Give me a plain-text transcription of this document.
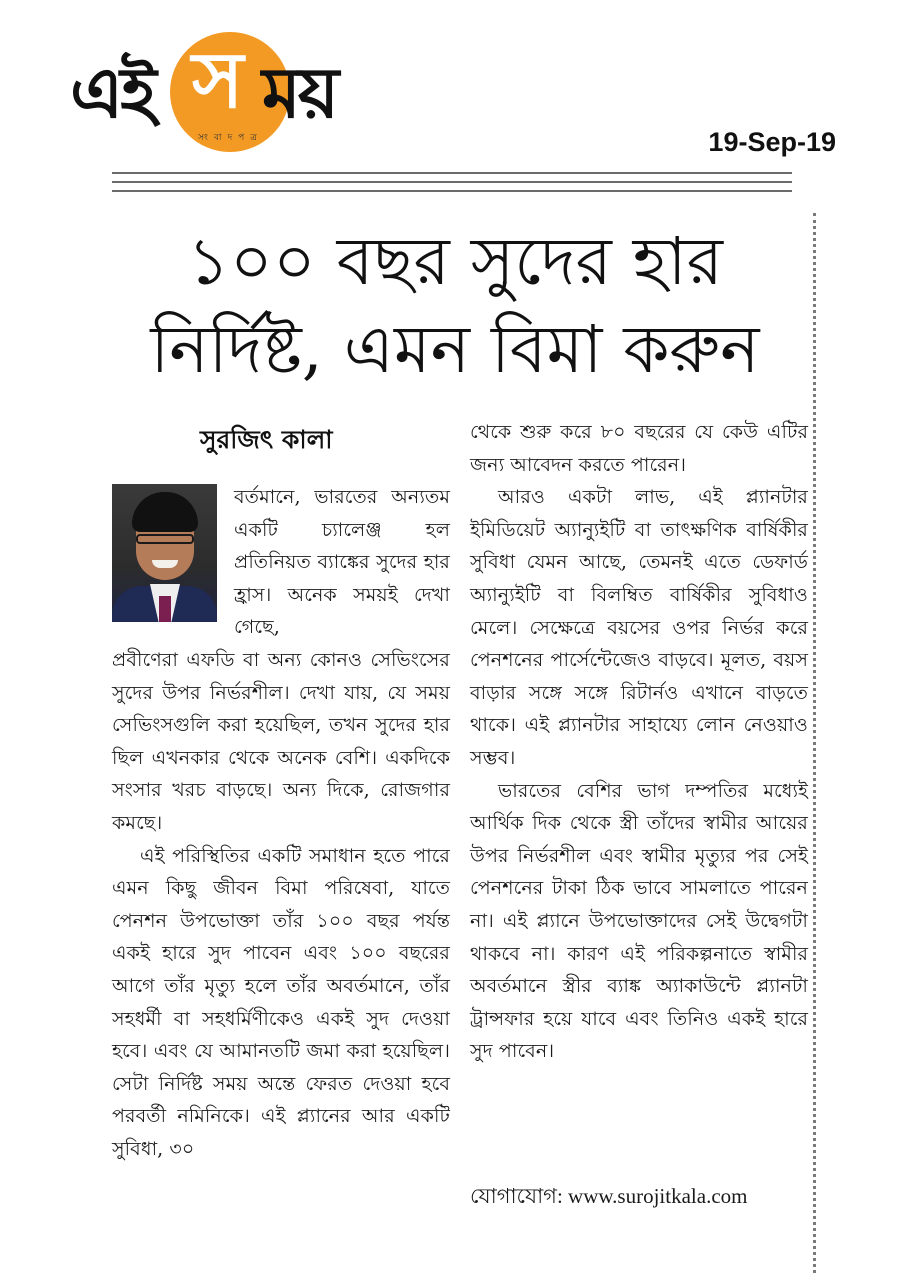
এই স ময়
সংবাদপত্র	19-Sep-19
১০০ বছর সুদের হার
নির্দিষ্ট, এমন বিমা করুন
সুরজিৎ কালা

বর্তমানে, ভারতের অন্যতম একটি চ্যালেঞ্জ হল প্রতিনিয়ত ব্যাঙ্কের সুদের হার হ্রাস। অনেক সময়ই দেখা গেছে,

প্রবীণেরা এফডি বা অন্য কোনও সেভিংসের সুদের উপর নির্ভরশীল। দেখা যায়, যে সময় সেভিংসগুলি করা হয়েছিল, তখন সুদের হার ছিল এখনকার থেকে অনেক বেশি। একদিকে সংসার খরচ বাড়ছে। অন্য দিকে, রোজগার কমছে।

এই পরিস্থিতির একটি সমাধান হতে পারে এমন কিছু জীবন বিমা পরিষেবা, যাতে পেনশন উপভোক্তা তাঁর ১০০ বছর পর্যন্ত একই হারে সুদ পাবেন এবং ১০০ বছরের আগে তাঁর মৃত্যু হলে তাঁর অবর্তমানে, তাঁর সহধর্মী বা সহধর্মিণীকেও একই সুদ দেওয়া হবে। এবং যে আমানতটি জমা করা হয়েছিল। সেটা নির্দিষ্ট সময় অন্তে ফেরত দেওয়া হবে পরবর্তী নমিনিকে। এই প্ল্যানের আর একটি সুবিধা, ৩০

থেকে শুরু করে ৮০ বছরের যে কেউ এটির জন্য আবেদন করতে পারেন।

আরও একটা লাভ, এই প্ল্যানটার ইমিডিয়েট অ্যান্যুইটি বা তাৎক্ষণিক বার্ষিকীর সুবিধা যেমন আছে, তেমনই এতে ডেফার্ড অ্যান্যুইটি বা বিলম্বিত বার্ষিকীর সুবিধাও মেলে। সেক্ষেত্রে বয়সের ওপর নির্ভর করে পেনশনের পার্সেন্টেজেও বাড়বে। মূলত, বয়স বাড়ার সঙ্গে সঙ্গে রিটার্নও এখানে বাড়তে থাকে। এই প্ল্যানটার সাহায্যে লোন নেওয়াও সম্ভব।

ভারতের বেশির ভাগ দম্পতির মধ্যেই আর্থিক দিক থেকে স্ত্রী তাঁদের স্বামীর আয়ের উপর নির্ভরশীল এবং স্বামীর মৃত্যুর পর সেই পেনশনের টাকা ঠিক ভাবে সামলাতে পারেন না। এই প্ল্যানে উপভোক্তাদের সেই উদ্বেগটা থাকবে না। কারণ এই পরিকল্পনাতে স্বামীর অবর্তমানে স্ত্রীর ব্যাঙ্ক অ্যাকাউন্টে প্ল্যানটা ট্রান্সফার হয়ে যাবে এবং তিনিও একই হারে সুদ পাবেন।

যোগাযোগ: www.surojitkala.com
